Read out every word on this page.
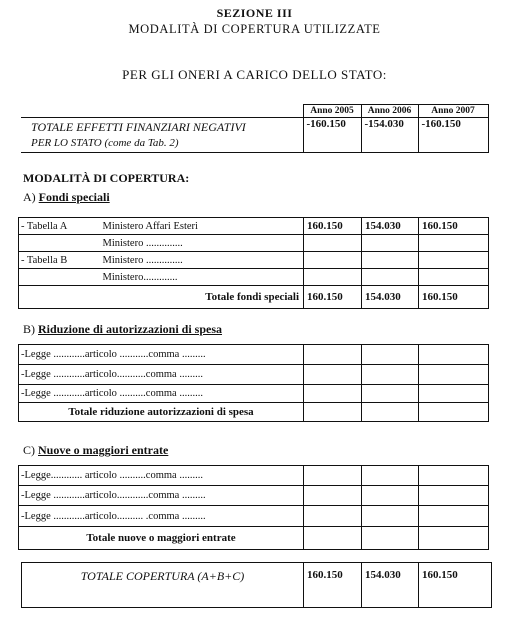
SEZIONE III
MODALITÀ DI COPERTURA UTILIZZATE
PER GLI ONERI A CARICO DELLO STATO:
	Anno 2005	Anno 2006	Anno 2007

TOTALE EFFETTI FINANZIARI NEGATIVI
PER LO STATO (come da Tab. 2)	-160.150	-154.030	-160.150
MODALITÀ DI COPERTURA:
A) Fondi speciali
- Tabella A	Ministero Affari Esteri	160.150	154.030	160.150
	Ministero ..............			
- Tabella B	Ministero ..............			
	Ministero.............			
Totale fondi speciali		160.150	154.030	160.150
B) Riduzione di autorizzazioni di spesa
-Legge ............articolo ...........comma .........			
-Legge ............articolo...........comma .........			
-Legge ............articolo ..........comma .........			
Totale riduzione autorizzazioni di spesa			
C) Nuove o maggiori entrate
-Legge............ articolo ..........comma .........			
-Legge ............articolo............comma .........			
-Legge ............articolo.......... .comma .........			
Totale nuove o maggiori entrate			
TOTALE COPERTURA (A+B+C)	160.150	154.030	160.150
